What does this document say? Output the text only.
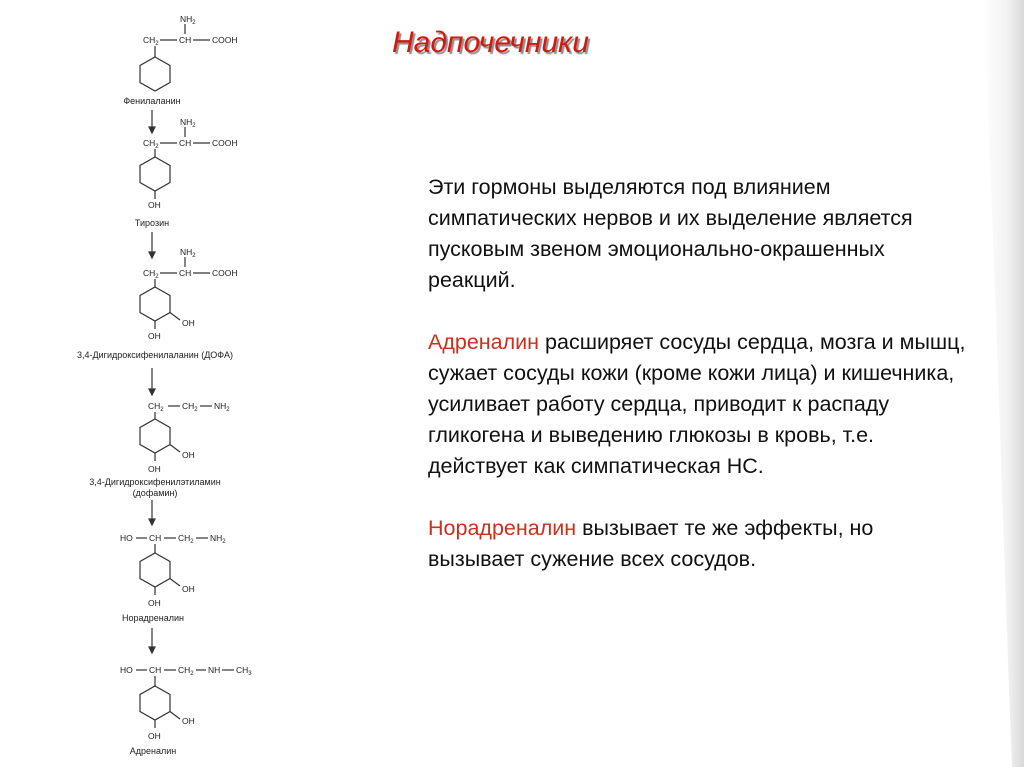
Надпочечники

Эти гормоны выделяются под влиянием симпатических нервов и их выделение является пусковым звеном эмоционально-окрашенных реакций.

Адреналин расширяет сосуды сердца, мозга и мышц, сужает сосуды кожи (кроме кожи лица) и кишечника, усиливает работу сердца, приводит к распаду гликогена и выведению глюкозы в кровь, т.е. действует как симпатическая НС.

Норадреналин вызывает те же эффекты, но вызывает сужение всех сосудов.

$NH_2$
$CH_2$ CH COOH
Фенилаланин
$NH_2$
$CH_2$ CH COOH
OH
Тирозин
$NH_2$
$CH_2$ CH COOH
OH
OH
3,4-Дигидроксифенилаланин (ДОФА)
$CH_2$ $CH_2$ $NH_2$
OH
OH
3,4-Дигидроксифенилэтиламин
(дофамин)
HO CH $CH_2$ $NH_2$
OH
OH
Норадреналин
HO CH $CH_2$ NH $CH_3$
OH
OH
Адреналин
